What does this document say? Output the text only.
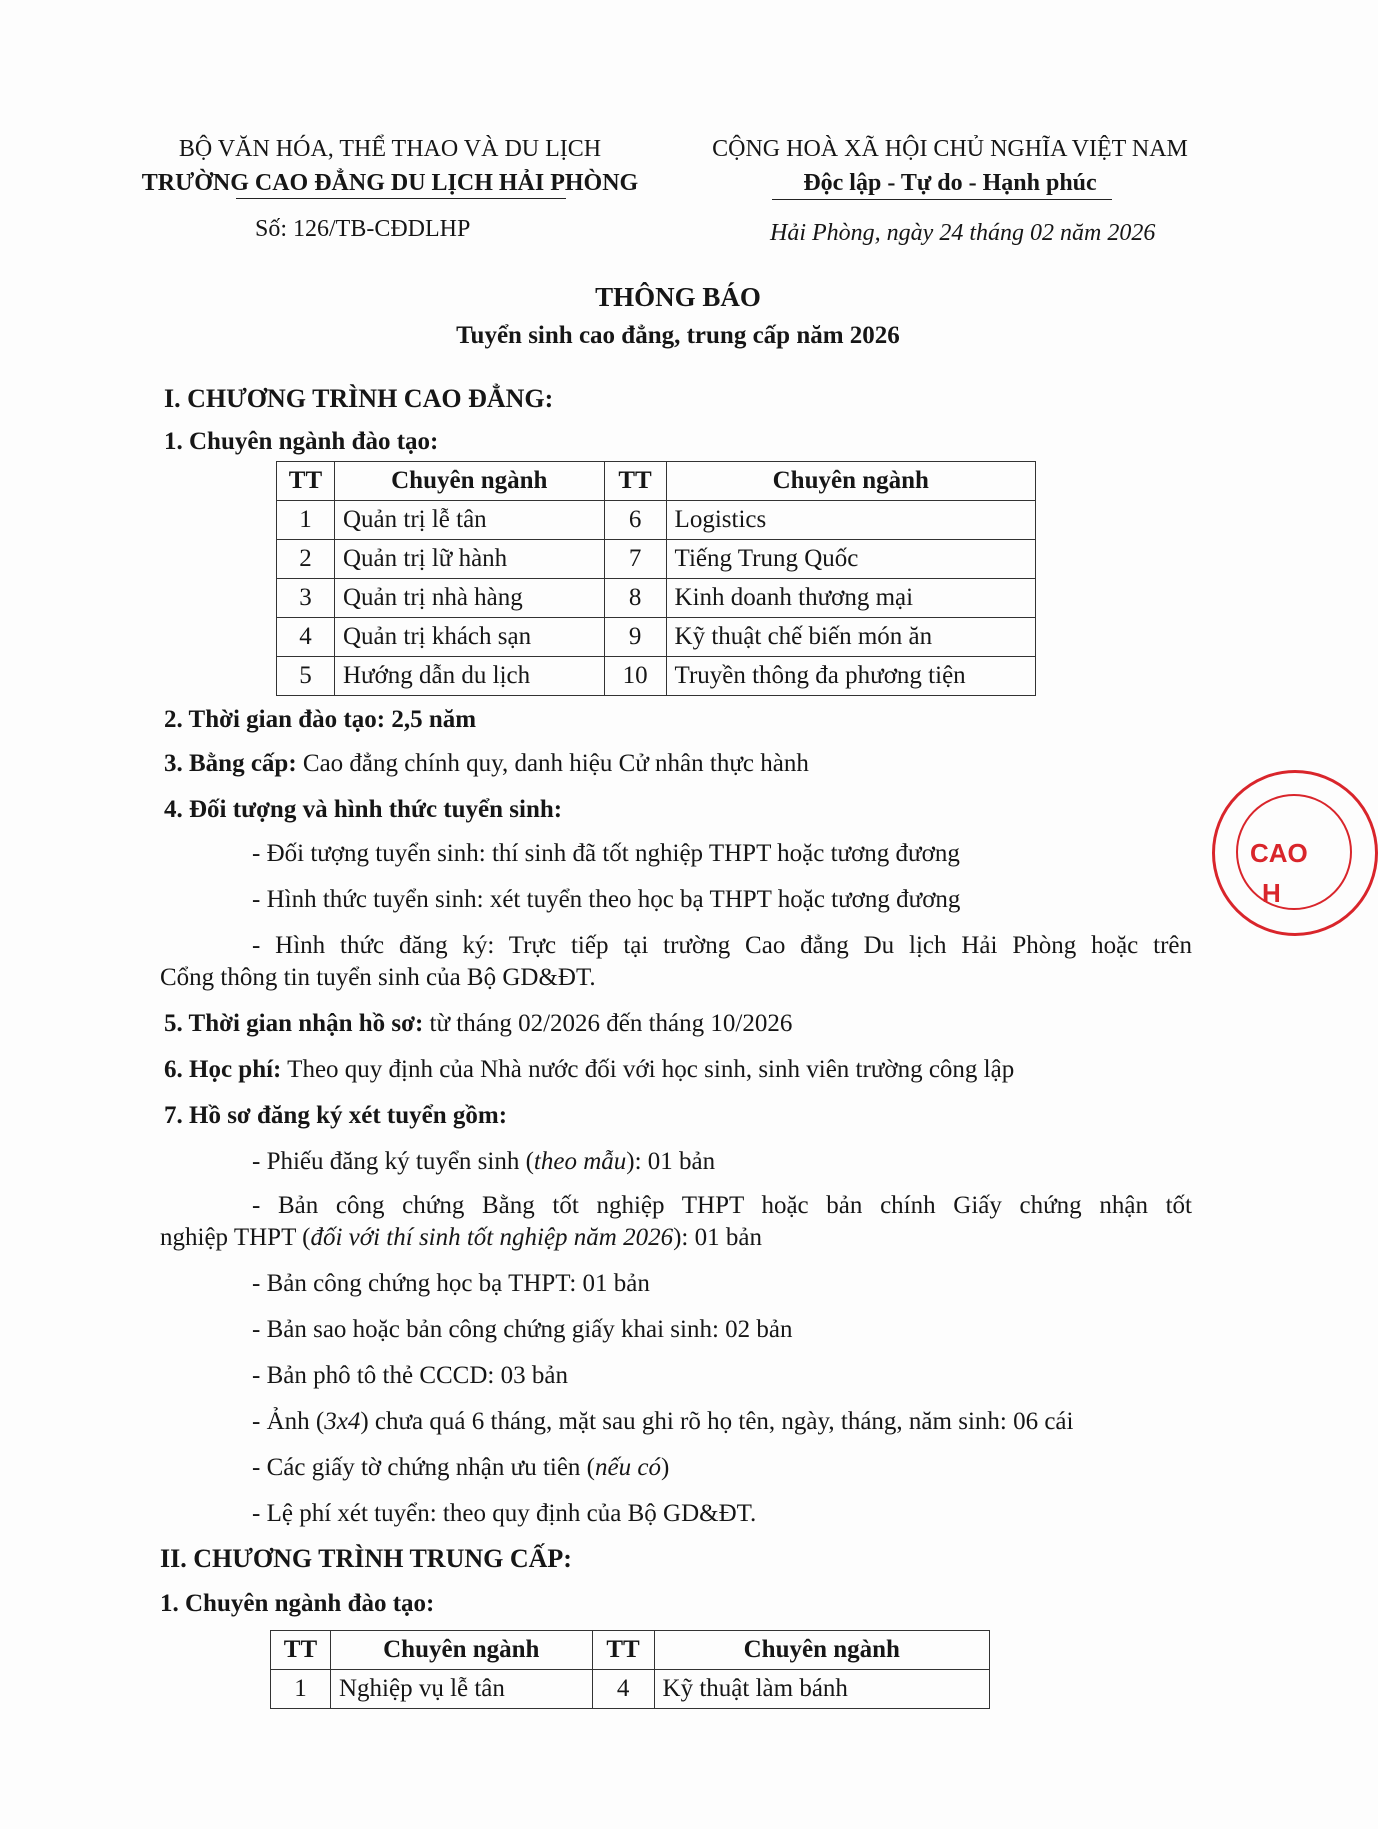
BỘ VĂN HÓA, THỂ THAO VÀ DU LỊCH
TRƯỜNG CAO ĐẲNG DU LỊCH HẢI PHÒNG
CỘNG HOÀ XÃ HỘI CHỦ NGHĨA VIỆT NAM
Độc lập - Tự do - Hạnh phúc
Số: 126/TB-CĐDLHP	Hải Phòng, ngày 24 tháng 02 năm 2026
THÔNG BÁO
Tuyển sinh cao đẳng, trung cấp năm 2026
I. CHƯƠNG TRÌNH CAO ĐẲNG:
1. Chuyên ngành đào tạo:
TT	Chuyên ngành	TT	Chuyên ngành
1	Quản trị lễ tân	6	Logistics
2	Quản trị lữ hành	7	Tiếng Trung Quốc
3	Quản trị nhà hàng	8	Kinh doanh thương mại
4	Quản trị khách sạn	9	Kỹ thuật chế biến món ăn
5	Hướng dẫn du lịch	10	Truyền thông đa phương tiện
2. Thời gian đào tạo: 2,5 năm
3. Bằng cấp: Cao đẳng chính quy, danh hiệu Cử nhân thực hành
4. Đối tượng và hình thức tuyển sinh:
- Đối tượng tuyển sinh: thí sinh đã tốt nghiệp THPT hoặc tương đương
- Hình thức tuyển sinh: xét tuyển theo học bạ THPT hoặc tương đương
- Hình thức đăng ký: Trực tiếp tại trường Cao đẳng Du lịch Hải Phòng hoặc trên
Cổng thông tin tuyển sinh của Bộ GD&ĐT.
5. Thời gian nhận hồ sơ: từ tháng 02/2026 đến tháng 10/2026
6. Học phí: Theo quy định của Nhà nước đối với học sinh, sinh viên trường công lập
7. Hồ sơ đăng ký xét tuyển gồm:
- Phiếu đăng ký tuyển sinh (theo mẫu): 01 bản
- Bản công chứng Bằng tốt nghiệp THPT hoặc bản chính Giấy chứng nhận tốt
nghiệp THPT (đối với thí sinh tốt nghiệp năm 2026): 01 bản
- Bản công chứng học bạ THPT: 01 bản
- Bản sao hoặc bản công chứng giấy khai sinh: 02 bản
- Bản phô tô thẻ CCCD: 03 bản
- Ảnh (3x4) chưa quá 6 tháng, mặt sau ghi rõ họ tên, ngày, tháng, năm sinh: 06 cái
- Các giấy tờ chứng nhận ưu tiên (nếu có)
- Lệ phí xét tuyển: theo quy định của Bộ GD&ĐT.
II. CHƯƠNG TRÌNH TRUNG CẤP:
1. Chuyên ngành đào tạo:
TT	Chuyên ngành	TT	Chuyên ngành
1	Nghiệp vụ lễ tân	4	Kỹ thuật làm bánh
CAO
H
